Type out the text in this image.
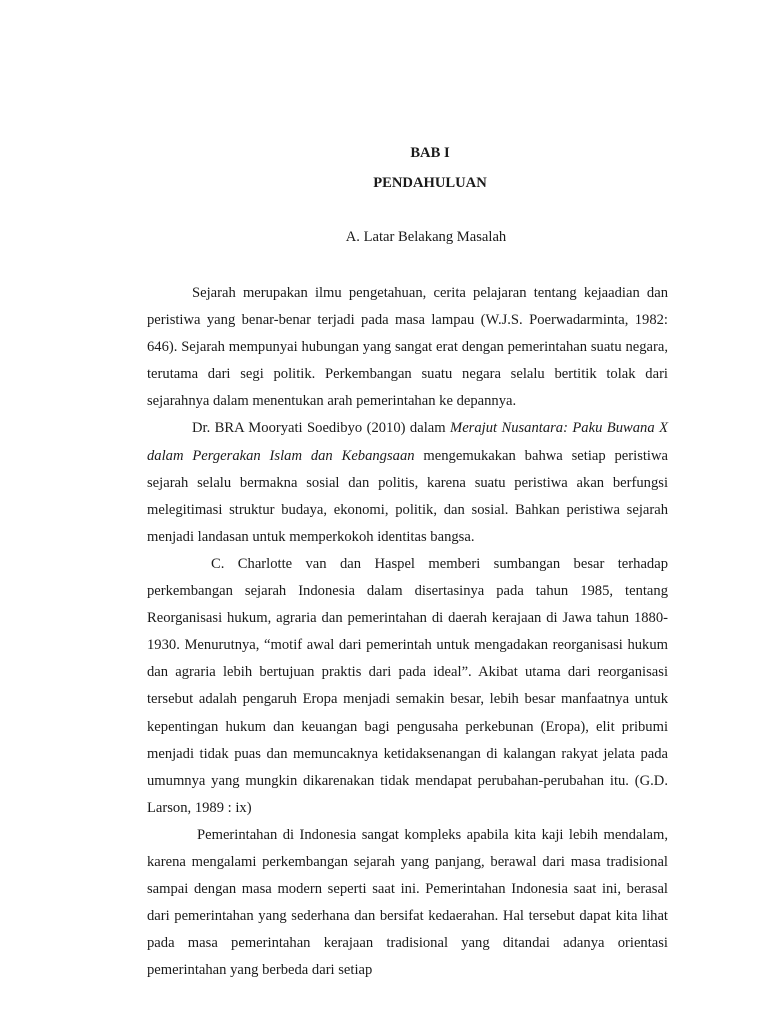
BAB I
PENDAHULUAN
A. Latar Belakang Masalah

Sejarah merupakan ilmu pengetahuan, cerita pelajaran tentang kejaadian dan peristiwa yang benar-benar terjadi pada masa lampau (W.J.S. Poerwadarminta, 1982: 646). Sejarah mempunyai hubungan yang sangat erat dengan pemerintahan suatu negara, terutama dari segi politik. Perkembangan suatu negara selalu bertitik tolak dari sejarahnya dalam menentukan arah pemerintahan ke depannya.

Dr. BRA Mooryati Soedibyo (2010) dalam Merajut Nusantara: Paku Buwana X dalam Pergerakan Islam dan Kebangsaan mengemukakan bahwa setiap peristiwa sejarah selalu bermakna sosial dan politis, karena suatu peristiwa akan berfungsi melegitimasi struktur budaya, ekonomi, politik, dan sosial. Bahkan peristiwa sejarah menjadi landasan untuk memperkokoh identitas bangsa.

C. Charlotte van dan Haspel memberi sumbangan besar terhadap perkembangan sejarah Indonesia dalam disertasinya pada tahun 1985, tentang Reorganisasi hukum, agraria dan pemerintahan di daerah kerajaan di Jawa tahun 1880-1930. Menurutnya, “motif awal dari pemerintah untuk mengadakan reorganisasi hukum dan agraria lebih bertujuan praktis dari pada ideal”. Akibat utama dari reorganisasi tersebut adalah pengaruh Eropa menjadi semakin besar, lebih besar manfaatnya untuk kepentingan hukum dan keuangan bagi pengusaha perkebunan (Eropa), elit pribumi menjadi tidak puas dan memuncaknya ketidaksenangan di kalangan rakyat jelata pada umumnya yang mungkin dikarenakan tidak mendapat perubahan-perubahan itu. (G.D. Larson, 1989 : ix)

Pemerintahan di Indonesia sangat kompleks apabila kita kaji lebih mendalam, karena mengalami perkembangan sejarah yang panjang, berawal dari masa tradisional sampai dengan masa modern seperti saat ini. Pemerintahan Indonesia saat ini, berasal dari pemerintahan yang sederhana dan bersifat kedaerahan. Hal tersebut dapat kita lihat pada masa pemerintahan kerajaan tradisional yang ditandai adanya orientasi pemerintahan yang berbeda dari setiap
